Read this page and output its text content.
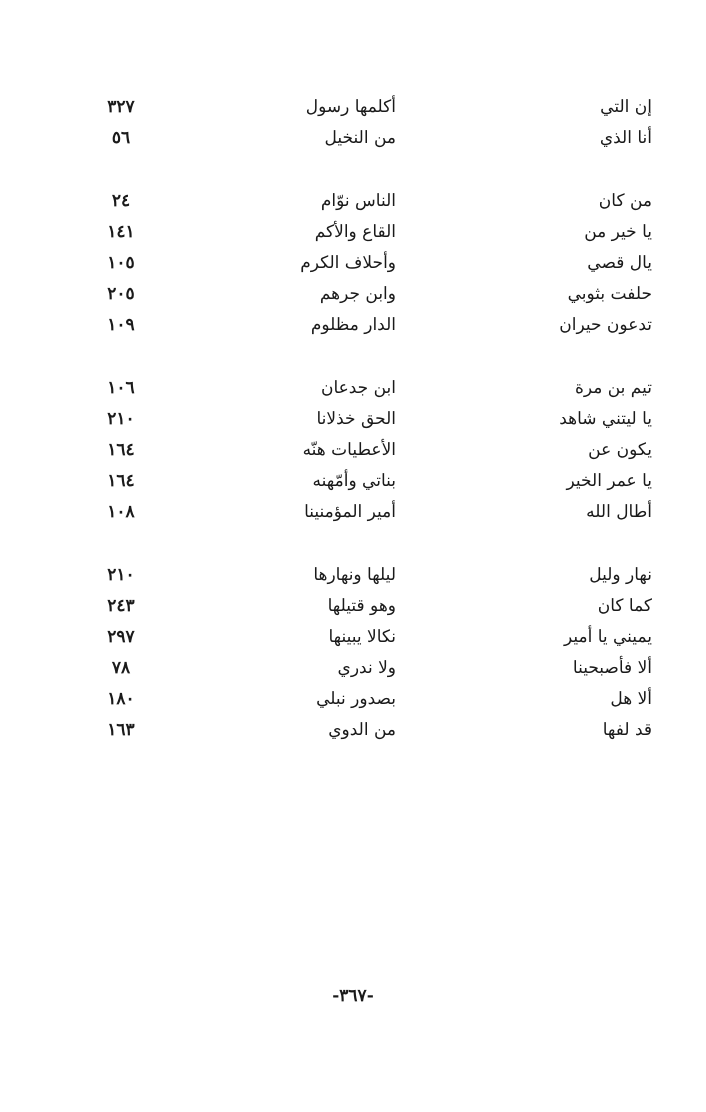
إن التي
أكلمها رسول
٣٢٧
أنا الذي
من النخيل
٥٦
من كان
الناس نوّام
٢٤
يا خير من
القاع والأكم
١٤١
يال قصي
وأحلاف الكرم
١٠٥
حلفت بثوبي
وابن جرهم
٢٠٥
تدعون حيران
الدار مظلوم
١٠٩
تيم بن مرة
ابن جدعان
١٠٦
يا ليتني شاهد
الحق خذلانا
٢١٠
يكون عن
الأعطيات هنّه
١٦٤
يا عمر الخير
بناتي وأمّهنه
١٦٤
أطال الله
أمير المؤمنينا
١٠٨
نهار وليل
ليلها ونهارها
٢١٠
كما كان
وهو قتيلها
٢٤٣
يميني يا أمير
نكالا يبينها
٢٩٧
ألا فأصبحينا
ولا ندري
٧٨
ألا هل
بصدور نبلي
١٨٠
قد لفها
من الدوي
١٦٣
-٣٦٧-
